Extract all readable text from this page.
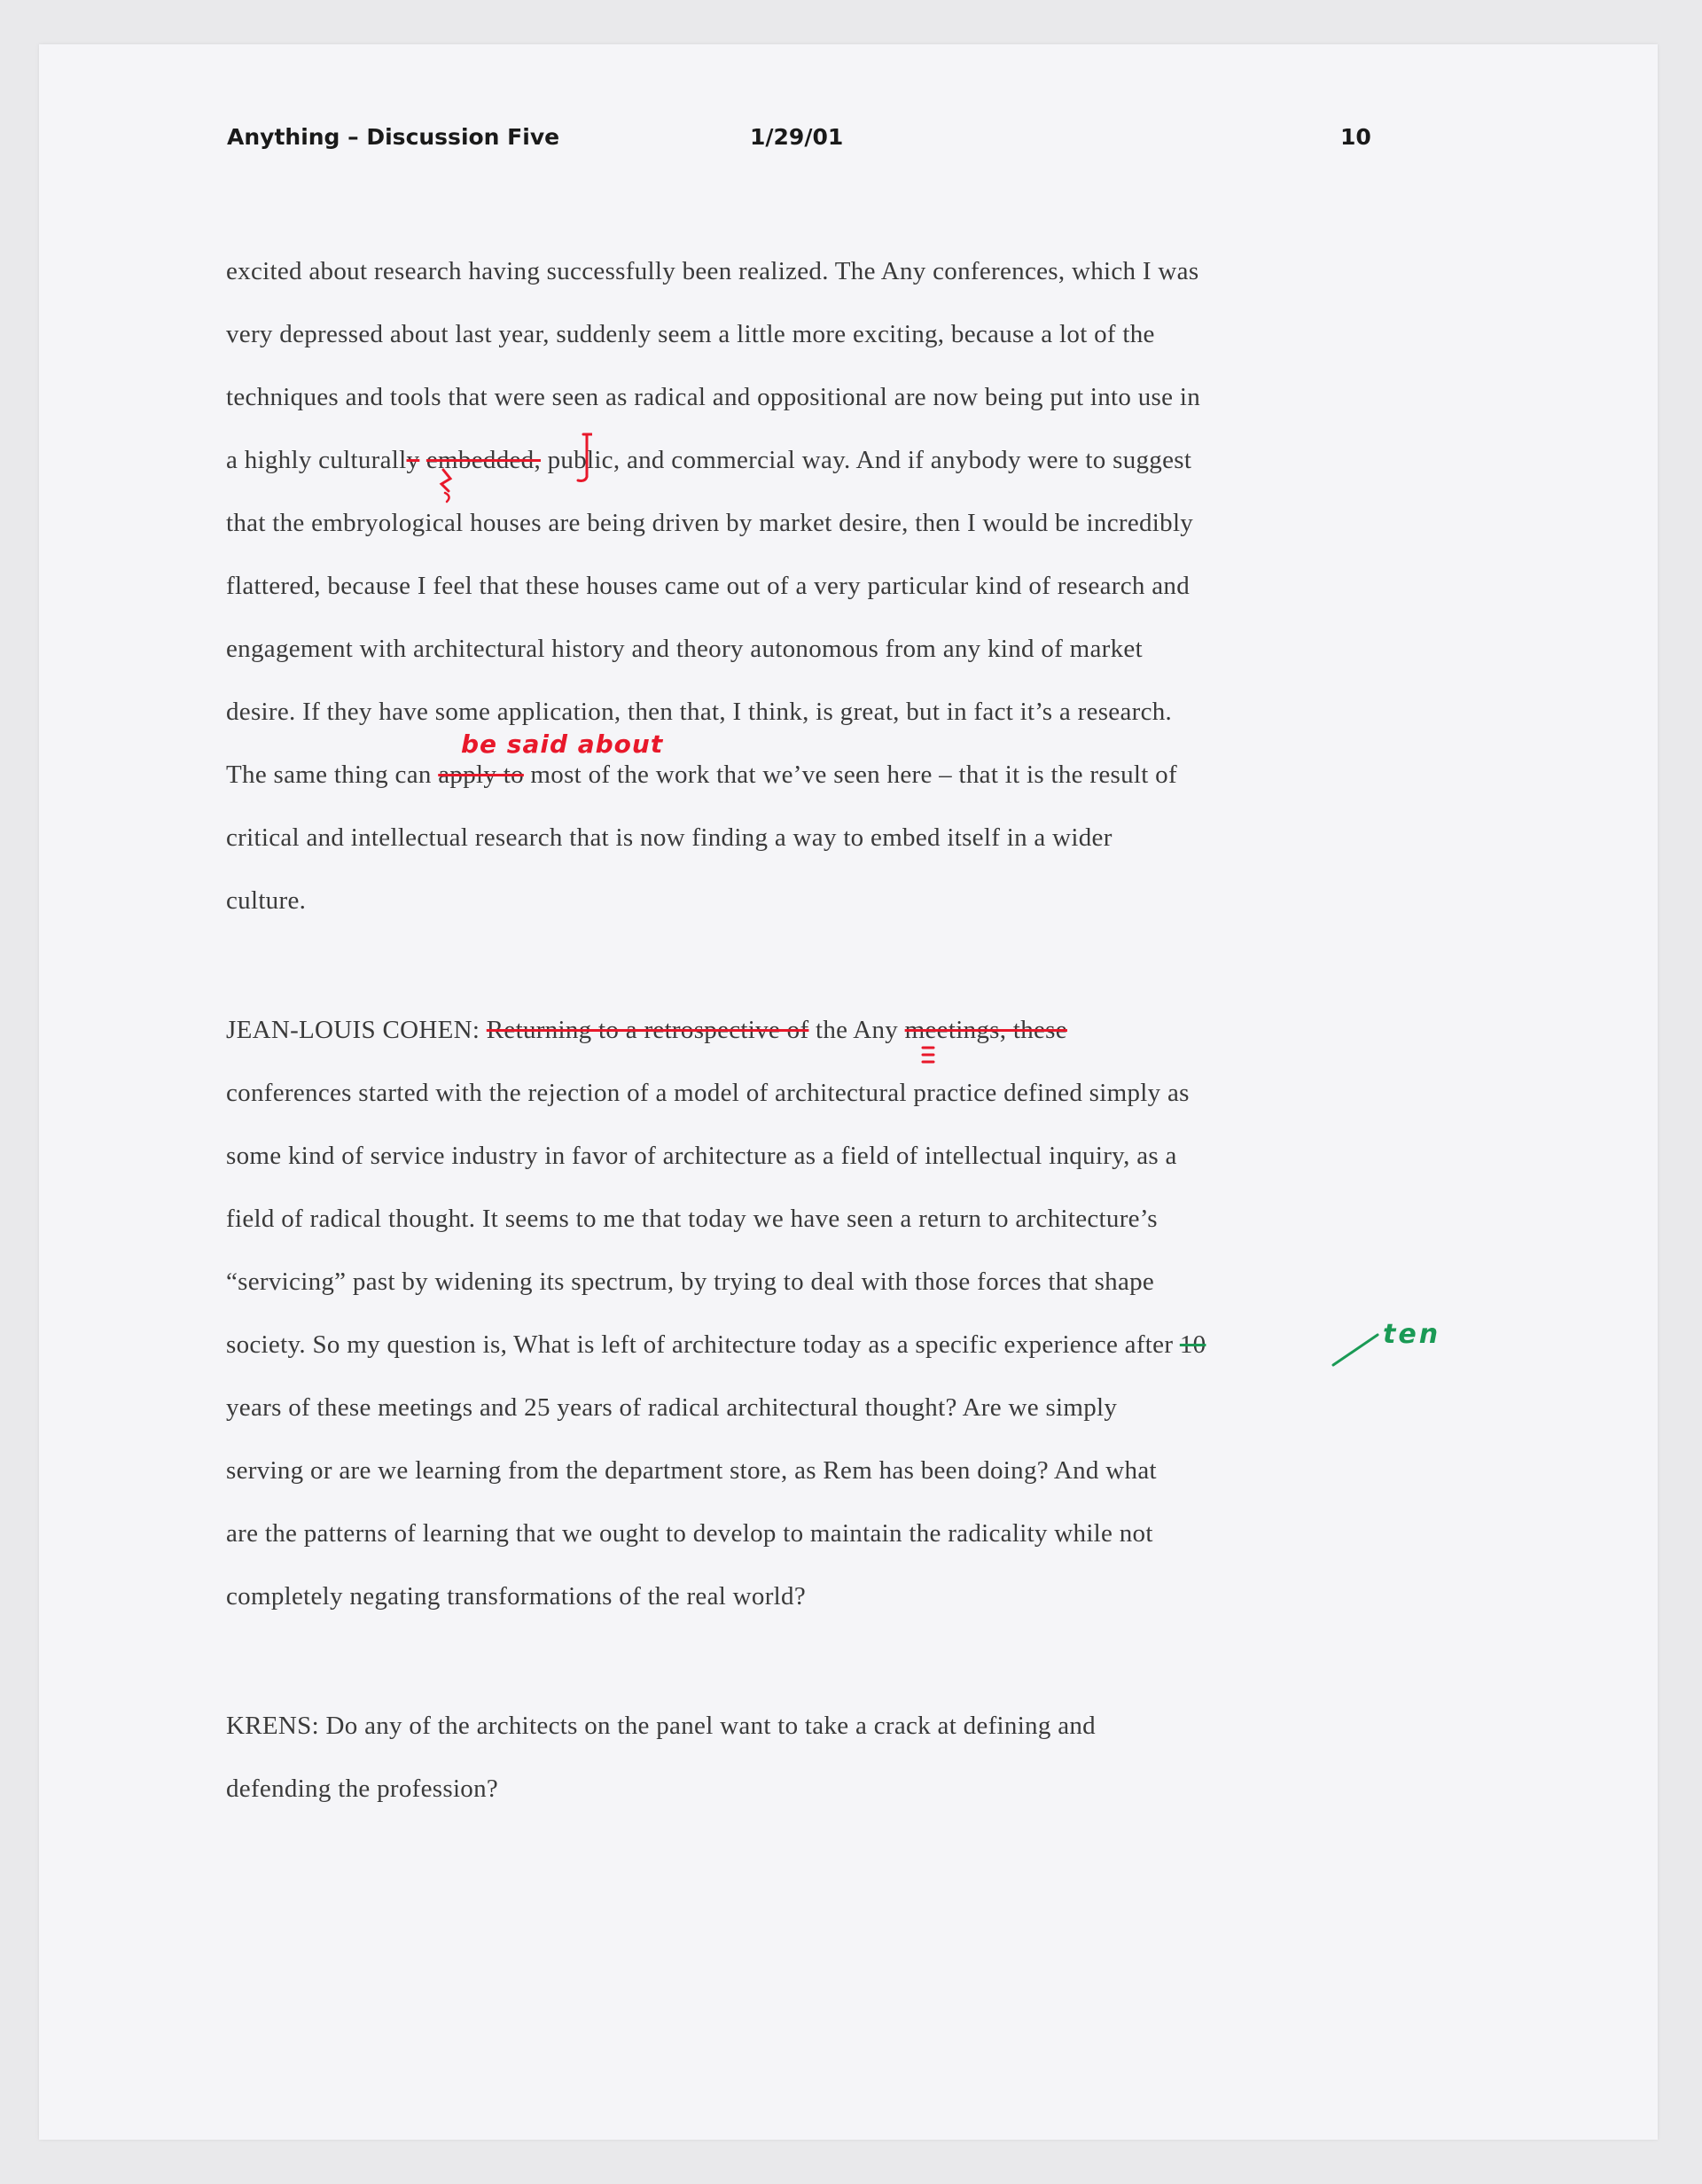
Anything – Discussion Five	1/29/01	10
excited about research having successfully been realized. The Any conferences, which I was
very depressed about last year, suddenly seem a little more exciting, because a lot of the
techniques and tools that were seen as radical and oppositional are now being put into use in
a highly culturally embedded, public, and commercial way. And if anybody were to suggest
that the embryological houses are being driven by market desire, then I would be incredibly
flattered, because I feel that these houses came out of a very particular kind of research and
engagement with architectural history and theory autonomous from any kind of market
desire. If they have some application, then that, I think, is great, but in fact it’s a research.
The same thing can apply to most of the work that we’ve seen here – that it is the result of
critical and intellectual research that is now finding a way to embed itself in a wider
culture.
JEAN-LOUIS COHEN: Returning to a retrospective of the Any meetings, these
conferences started with the rejection of a model of architectural practice defined simply as
some kind of service industry in favor of architecture as a field of intellectual inquiry, as a
field of radical thought. It seems to me that today we have seen a return to architecture’s
“servicing” past by widening its spectrum, by trying to deal with those forces that shape
society. So my question is, What is left of architecture today as a specific experience after 10
years of these meetings and 25 years of radical architectural thought? Are we simply
serving or are we learning from the department store, as Rem has been doing? And what
are the patterns of learning that we ought to develop to maintain the radicality while not
completely negating transformations of the real world?
KRENS: Do any of the architects on the panel want to take a crack at defining and
defending the profession?
be said about
ten
